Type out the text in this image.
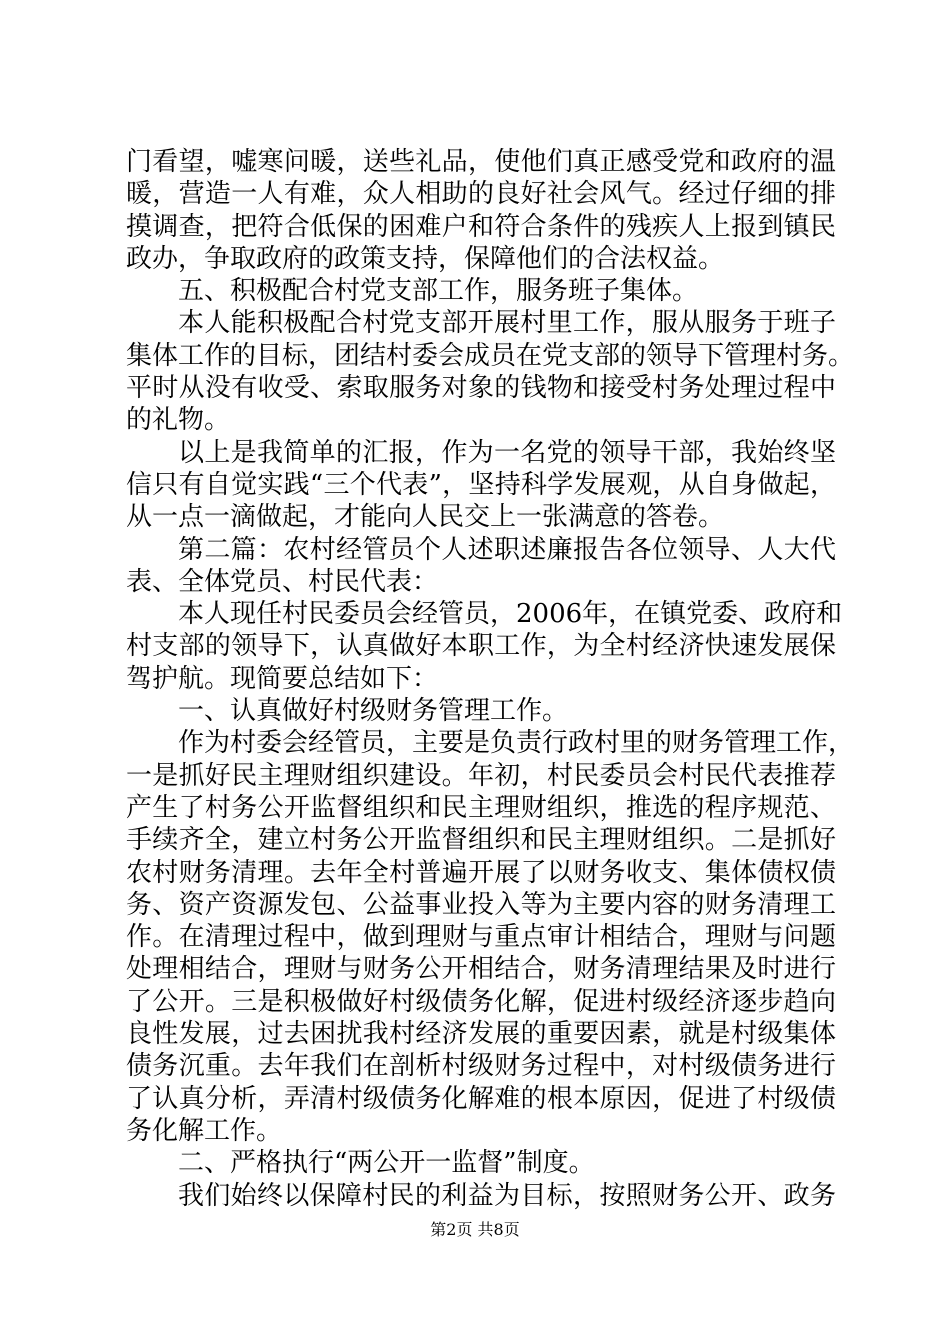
门看望，嘘寒问暖，送些礼品，使他们真正感受党和政府的温
暖，营造一人有难，众人相助的良好社会风气。经过仔细的排
摸调查，把符合低保的困难户和符合条件的残疾人上报到镇民
政办，争取政府的政策支持，保障他们的合法权益。
五、积极配合村党支部工作，服务班子集体。
本人能积极配合村党支部开展村里工作，服从服务于班子
集体工作的目标，团结村委会成员在党支部的领导下管理村务。
平时从没有收受、索取服务对象的钱物和接受村务处理过程中
的礼物。
以上是我简单的汇报，作为一名党的领导干部，我始终坚
信只有自觉实践“三个代表”，坚持科学发展观，从自身做起，
从一点一滴做起，才能向人民交上一张满意的答卷。
第二篇：农村经管员个人述职述廉报告各位领导、人大代
表、全体党员、村民代表：
本人现任村民委员会经管员，2006年，在镇党委、政府和
村支部的领导下，认真做好本职工作，为全村经济快速发展保
驾护航。现简要总结如下：
一、认真做好村级财务管理工作。
作为村委会经管员，主要是负责行政村里的财务管理工作，
一是抓好民主理财组织建设。年初，村民委员会村民代表推荐
产生了村务公开监督组织和民主理财组织，推选的程序规范、
手续齐全，建立村务公开监督组织和民主理财组织。二是抓好
农村财务清理。去年全村普遍开展了以财务收支、集体债权债
务、资产资源发包、公益事业投入等为主要内容的财务清理工
作。在清理过程中，做到理财与重点审计相结合，理财与问题
处理相结合，理财与财务公开相结合，财务清理结果及时进行
了公开。三是积极做好村级债务化解，促进村级经济逐步趋向
良性发展，过去困扰我村经济发展的重要因素，就是村级集体
债务沉重。去年我们在剖析村级财务过程中，对村级债务进行
了认真分析，弄清村级债务化解难的根本原因，促进了村级债
务化解工作。
二、严格执行“两公开一监督”制度。
我们始终以保障村民的利益为目标，按照财务公开、政务
第2页 共8页
